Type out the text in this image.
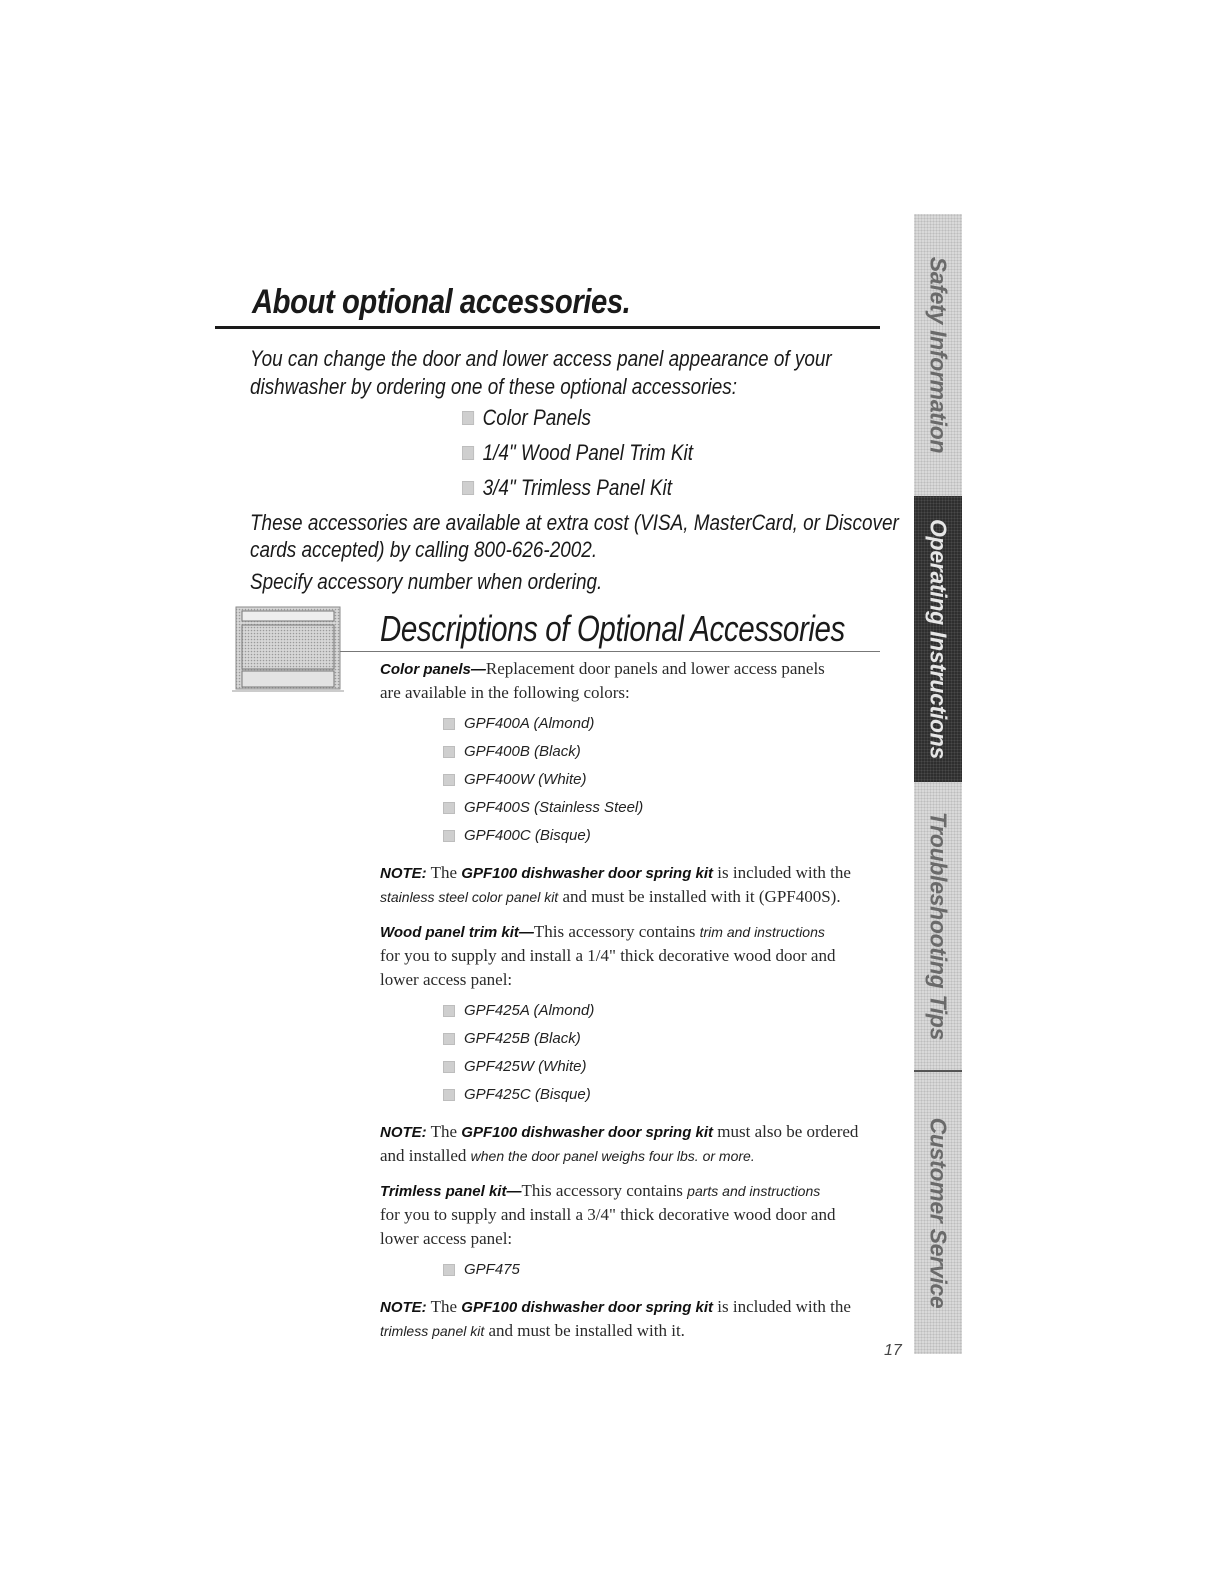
About optional accessories.
You can change the door and lower access panel appearance of your
dishwasher by ordering one of these optional accessories:
Color Panels
1/4" Wood Panel Trim Kit
3/4" Trimless Panel Kit
These accessories are available at extra cost (VISA, MasterCard, or Discover
cards accepted) by calling 800-626-2002.
Specify accessory number when ordering.
Descriptions of Optional Accessories
Color panels—Replacement door panels and lower access panels
are available in the following colors:
GPF400A (Almond)
GPF400B (Black)
GPF400W (White)
GPF400S (Stainless Steel)
GPF400C (Bisque)
NOTE: The GPF100 dishwasher door spring kit is included with the
stainless steel color panel kit and must be installed with it (GPF400S).
Wood panel trim kit—This accessory contains trim and instructions
for you to supply and install a 1/4" thick decorative wood door and
lower access panel:
GPF425A (Almond)
GPF425B (Black)
GPF425W (White)
GPF425C (Bisque)
NOTE: The GPF100 dishwasher door spring kit must also be ordered
and installed when the door panel weighs four lbs. or more.
Trimless panel kit—This accessory contains parts and instructions
for you to supply and install a 3/4" thick decorative wood door and
lower access panel:
GPF475
NOTE: The GPF100 dishwasher door spring kit is included with the
trimless panel kit and must be installed with it.
17
Safety Information
Operating Instructions
Troubleshooting Tips
Customer Service
